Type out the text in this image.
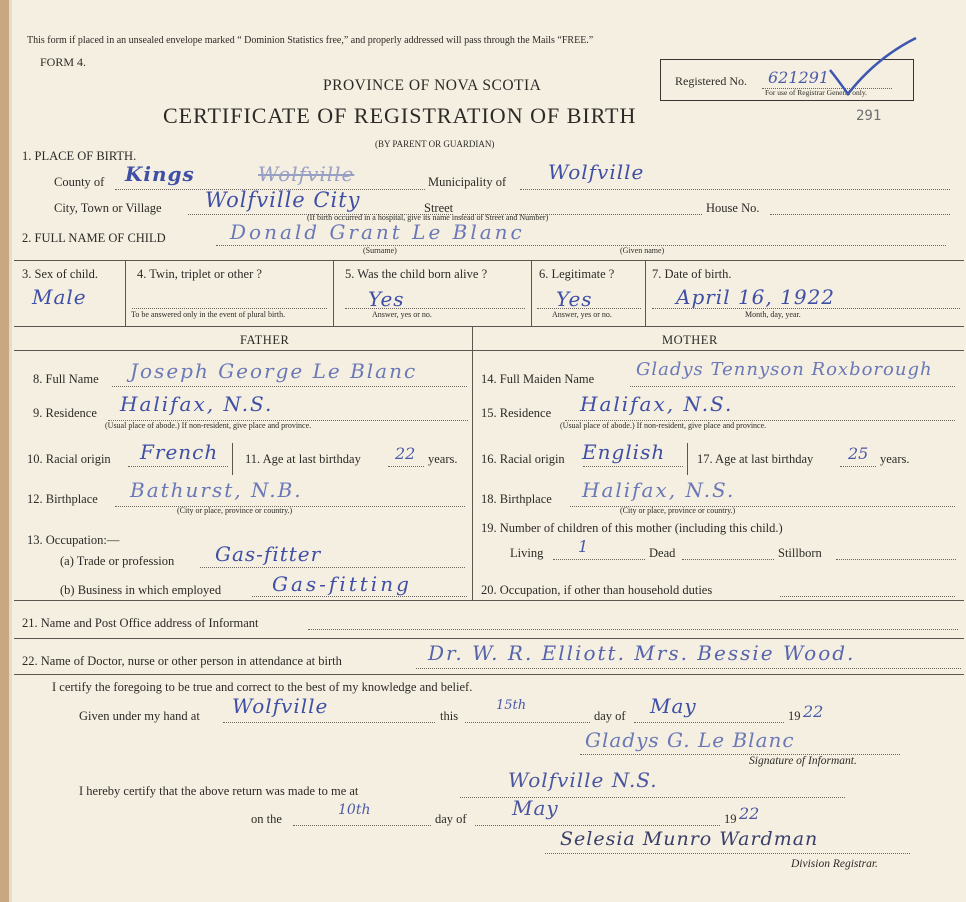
This form if placed in an unsealed envelope marked “ Dominion Statistics free,” and properly addressed will pass through the Mails “FREE.”
FORM 4.
PROVINCE OF NOVA SCOTIA
CERTIFICATE OF REGISTRATION OF BIRTH
(BY PARENT OR GUARDIAN)
Registered No. 621291
For use of Registrar General only.
291
1. PLACE OF BIRTH.
County of Kings	Wolfville	Municipality of Wolfville
City, Town or Village Wolfville City	Street	House No.
(If birth occurred in a hospital, give its name instead of Street and Number)
2. FULL NAME OF CHILD	Donald Grant Le Blanc
(Surname)	(Given name)
3. Sex of child.
Male
4. Twin, triplet or other ?
To be answered only in the event of plural birth.
5. Was the child born alive ?
Yes
Answer, yes or no.
6. Legitimate ?
Yes
Answer, yes or no.
7. Date of birth.
April 16, 1922
Month, day, year.
FATHER	MOTHER
8. Full Name Joseph George Le Blanc
9. Residence Halifax, N.S.
(Usual place of abode.) If non-resident, give place and province.
10. Racial origin French 11. Age at last birthday 22 years.
12. Birthplace Bathurst, N.B.
(City or place, province or country.)
13. Occupation:—
(a) Trade or profession Gas-fitter
(b) Business in which employed	Gas-fitting
14. Full Maiden Name Gladys Tennyson Roxborough
15. Residence Halifax, N.S.
(Usual place of abode.) If non-resident, give place and province.
16. Racial origin English	17. Age at last birthday 25 years.
18. Birthplace Halifax, N.S.
(City or place, province or country.)
19. Number of children of this mother (including this child.)
Living 1	Dead	Stillborn
20. Occupation, if other than household duties
21. Name and Post Office address of Informant
22. Name of Doctor, nurse or other person in attendance at birth	Dr. W. R. Elliott. Mrs. Bessie Wood.
I certify the foregoing to be true and correct to the best of my knowledge and belief.
Given under my hand at Wolfville	this
15th
day of May	19 22
Gladys G. Le Blanc
Signature of Informant.
I hereby certify that the above return was made to me at	Wolfville N.S.
on the
10th
day of May	19 22
Selesia Munro Wardman
Division Registrar.
